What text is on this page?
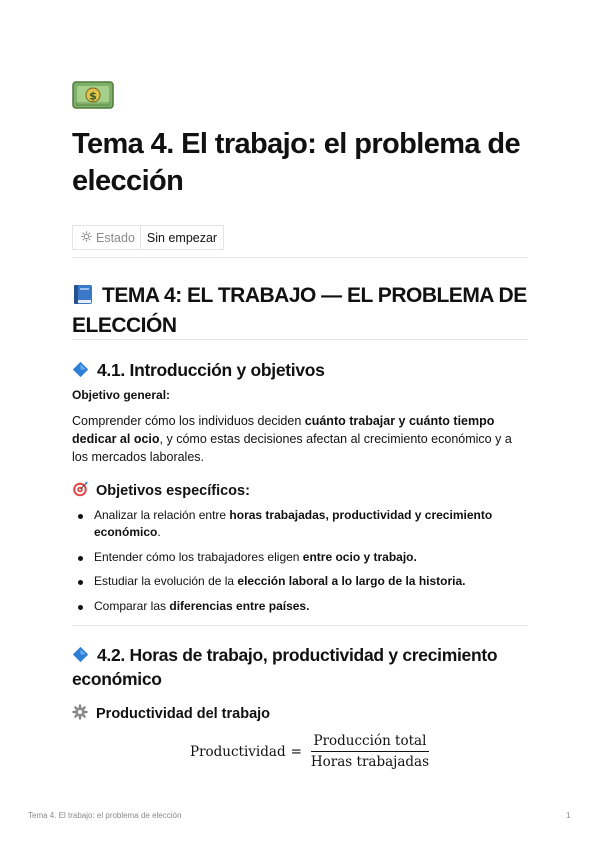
$
Tema 4. El trabajo: el problema de elección
Estado Sin empezar
TEMA 4: EL TRABAJO — EL PROBLEMA DE ELECCIÓN
4.1. Introducción y objetivos
Objetivo general:
Comprender cómo los individuos deciden cuánto trabajar y cuánto tiempo dedicar al ocio, y cómo estas decisiones afectan al crecimiento económico y a los mercados laborales.
Objetivos específicos:
Analizar la relación entre horas trabajadas, productividad y crecimiento económico.
Entender cómo los trabajadores eligen entre ocio y trabajo.
Estudiar la evolución de la elección laboral a lo largo de la historia.
Comparar las diferencias entre países.
4.2. Horas de trabajo, productividad y crecimiento económico
Productividad del trabajo
Productividad = $\frac{\text{Producción total}}{\text{Horas trabajadas}}$
Tema 4. El trabajo: el problema de elección	1
